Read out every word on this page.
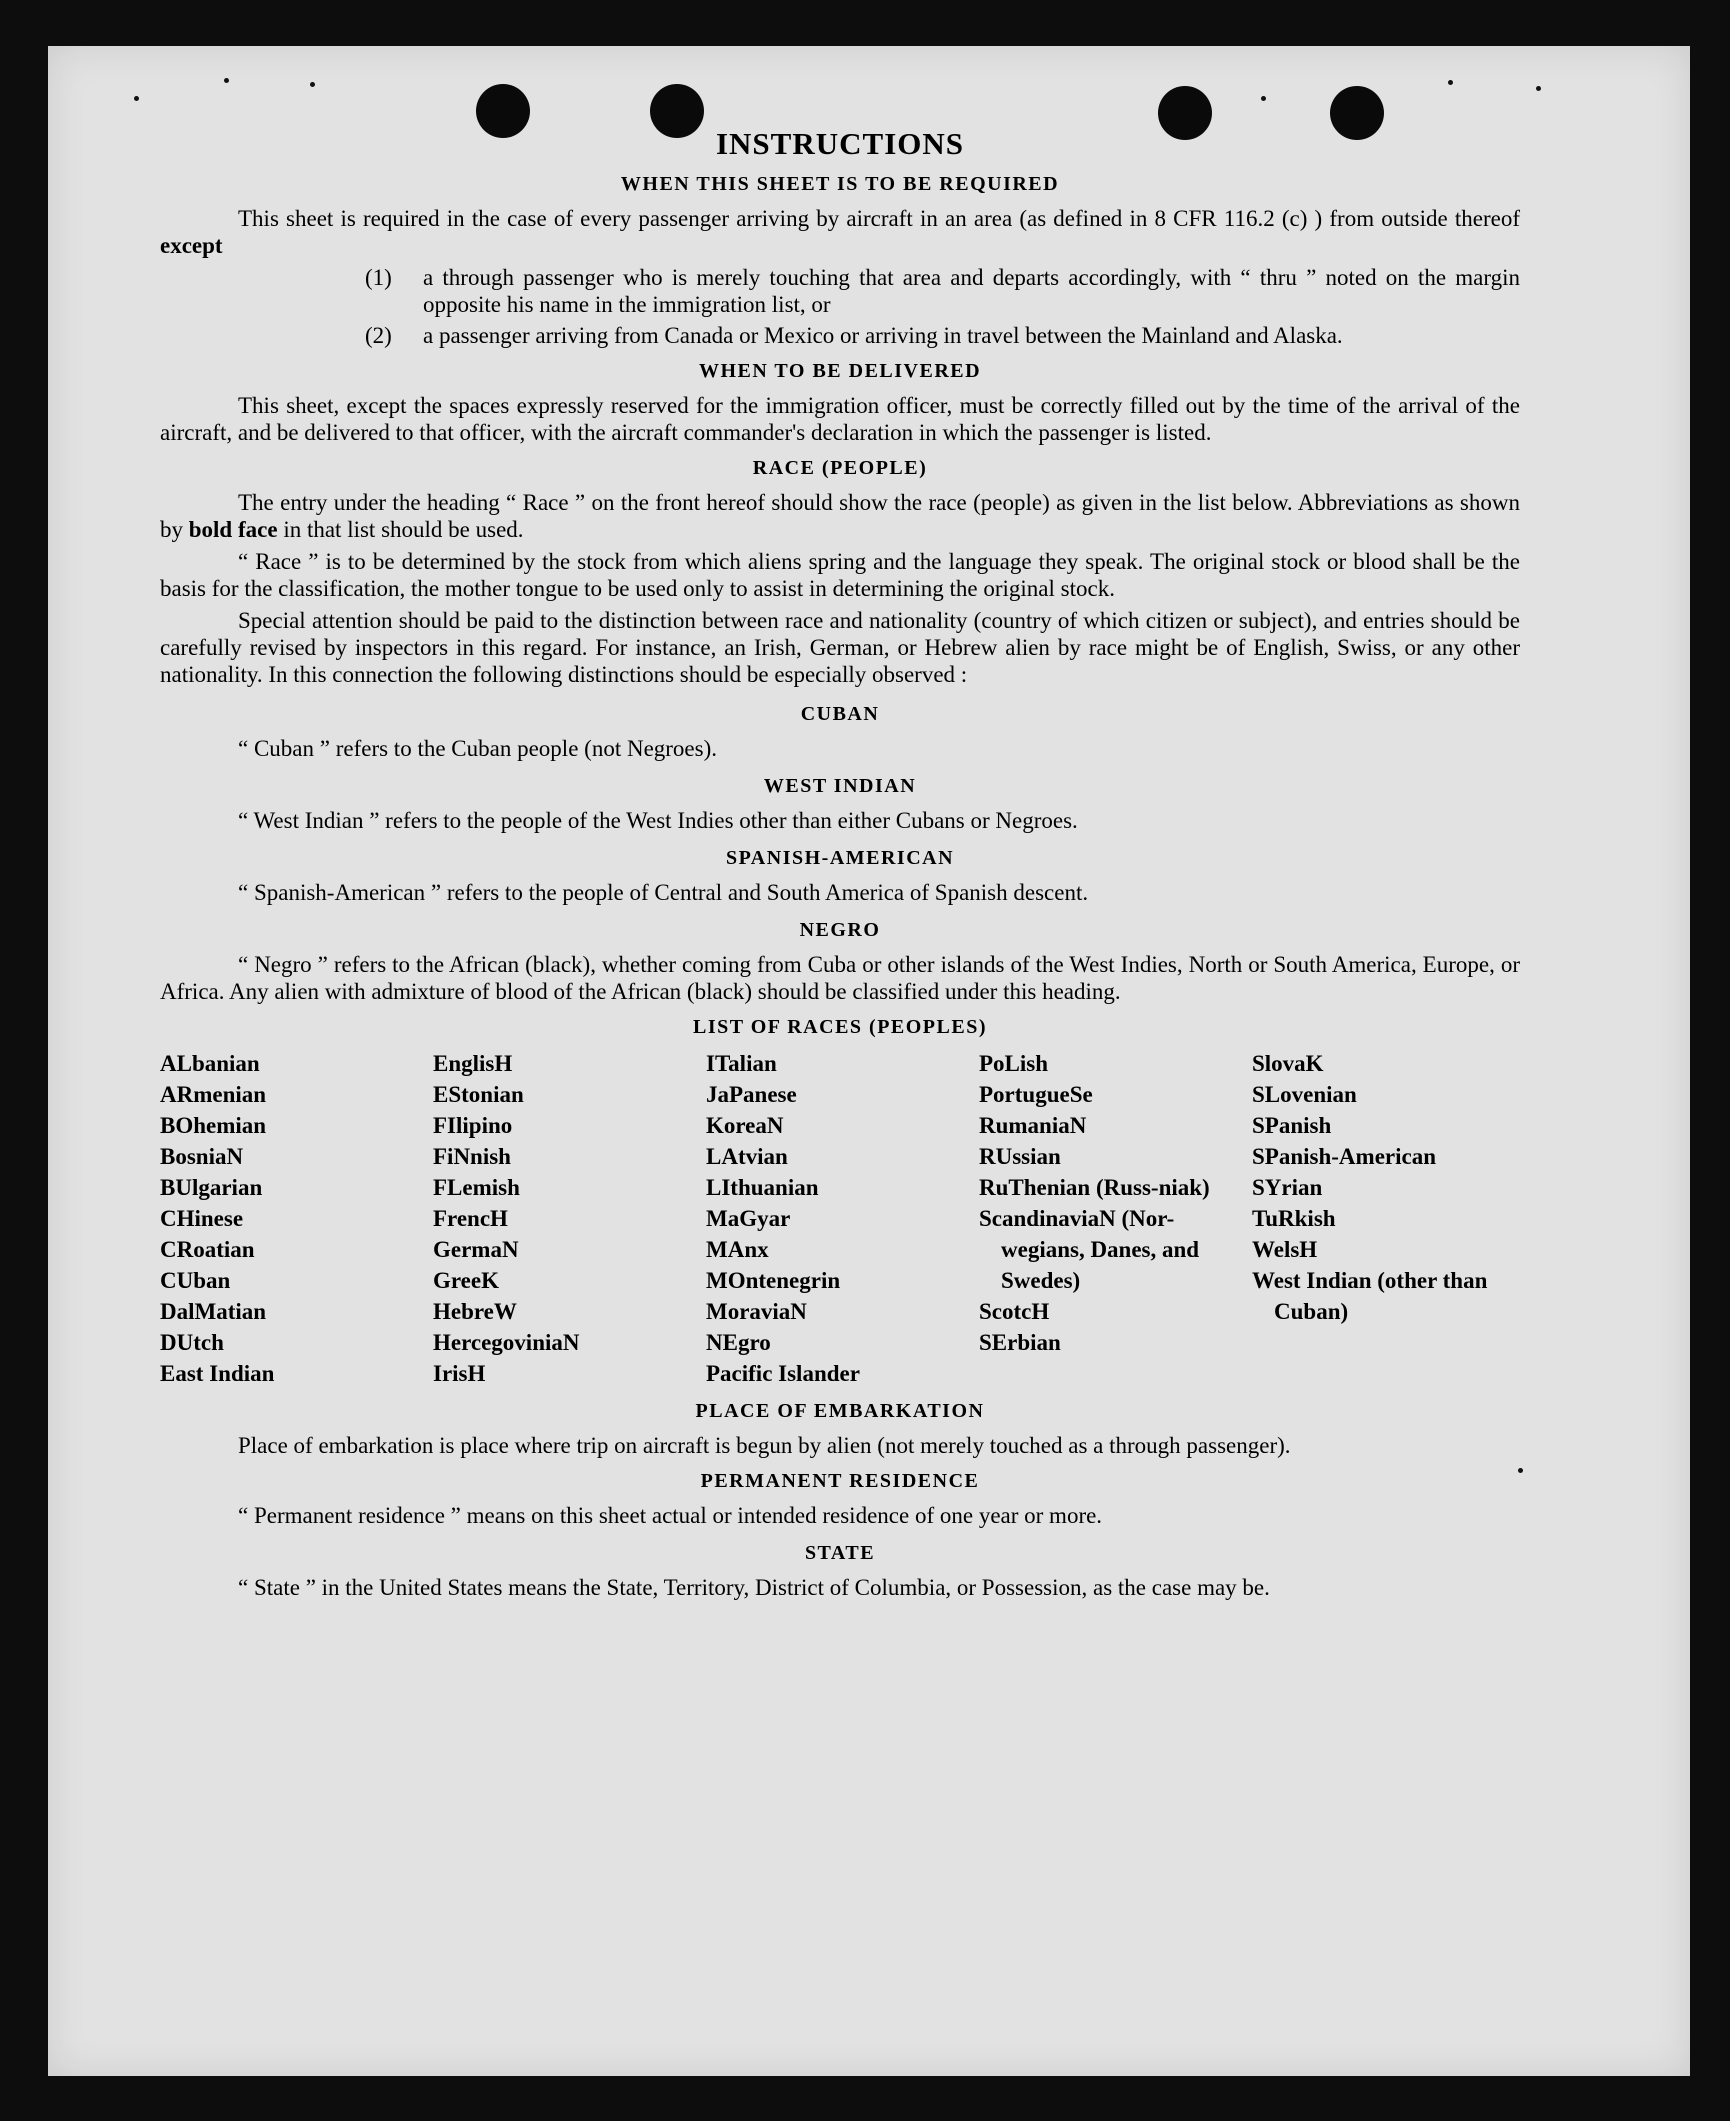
INSTRUCTIONS
WHEN THIS SHEET IS TO BE REQUIRED

This sheet is required in the case of every passenger arriving by aircraft in an area (as defined in 8 CFR 116.2 (c) ) from outside thereof except

(1)	a through passenger who is merely touching that area and departs accordingly, with “ thru ” noted on the margin opposite his name in the immigration list, or
(2)	a passenger arriving from Canada or Mexico or arriving in travel between the Mainland and Alaska.
WHEN TO BE DELIVERED

This sheet, except the spaces expressly reserved for the immigration officer, must be correctly filled out by the time of the arrival of the aircraft, and be delivered to that officer, with the aircraft commander's declaration in which the passenger is listed.

RACE (PEOPLE)

The entry under the heading “ Race ” on the front hereof should show the race (people) as given in the list below. Abbreviations as shown by bold face in that list should be used.

“ Race ” is to be determined by the stock from which aliens spring and the language they speak. The original stock or blood shall be the basis for the classification, the mother tongue to be used only to assist in determining the original stock.

Special attention should be paid to the distinction between race and nationality (country of which citizen or subject), and entries should be carefully revised by inspectors in this regard. For instance, an Irish, German, or Hebrew alien by race might be of English, Swiss, or any other nationality. In this connection the following distinctions should be especially observed :

CUBAN

“ Cuban ” refers to the Cuban people (not Negroes).

WEST INDIAN

“ West Indian ” refers to the people of the West Indies other than either Cubans or Negroes.

SPANISH-AMERICAN

“ Spanish-American ” refers to the people of Central and South America of Spanish descent.

NEGRO

“ Negro ” refers to the African (black), whether coming from Cuba or other islands of the West Indies, North or South America, Europe, or Africa. Any alien with admixture of blood of the African (black) should be classified under this heading.

LIST OF RACES (PEOPLES)
ALbanian
ARmenian
BOhemian
BosniaN
BUlgarian
CHinese
CRoatian
CUban
DalMatian
DUtch
East Indian
EnglisH
EStonian
FIlipino
FiNnish
FLemish
FrencH
GermaN
GreeK
HebreW
HercegoviniaN
IrisH
ITalian
JaPanese
KoreaN
LAtvian
LIthuanian
MaGyar
MAnx
MOntenegrin
MoraviaN
NEgro
Pacific Islander
PoLish
PortugueSe
RumaniaN
RUssian
RuThenian (Russ-niak)
ScandinaviaN (Nor-wegians, Danes, and Swedes)
ScotcH
SErbian
SlovaK
SLovenian
SPanish
SPanish-American
SYrian
TuRkish
WelsH
West Indian (other than Cuban)
PLACE OF EMBARKATION

Place of embarkation is place where trip on aircraft is begun by alien (not merely touched as a through passenger).

PERMANENT RESIDENCE

“ Permanent residence ” means on this sheet actual or intended residence of one year or more.

STATE

“ State ” in the United States means the State, Territory, District of Columbia, or Possession, as the case may be.
